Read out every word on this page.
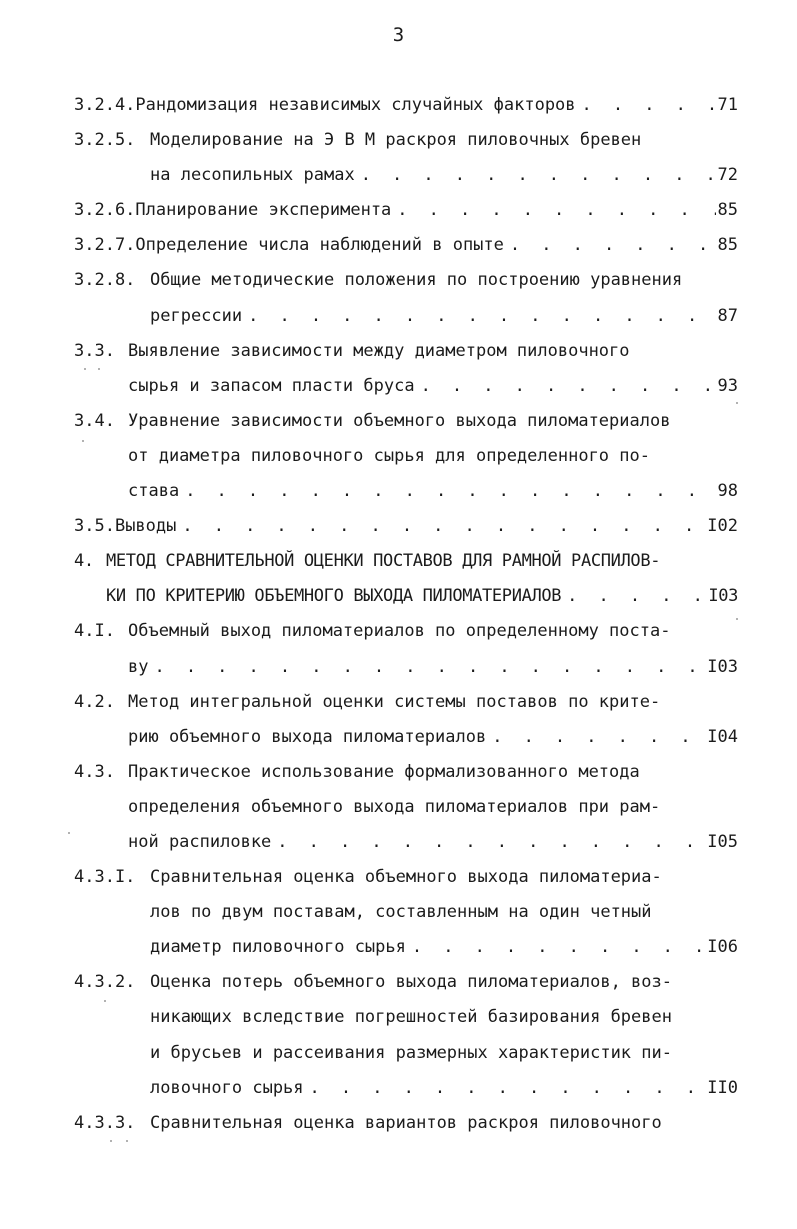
3
3.2.4. Рандомизация независимых случайных факторов . . .	71
3.2.5. Моделирование на Э В М раскроя пиловочных бревен
на лесопильных рамах . . .	72
3.2.6. Планирование эксперимента . . .	85
3.2.7. Определение числа наблюдений в опыте . . .	85
3.2.8. Общие методические положения по построению уравнения
регрессии . . .	87
3.3. Выявление зависимости между диаметром пиловочного
сырья и запасом пласти бруса . . .	93
3.4. Уравнение зависимости объемного выхода пиломатериалов
от диаметра пиловочного сырья для определенного по-
става . . .	98
3.5. Выводы . . .	I02
4. МЕТОД СРАВНИТЕЛЬНОЙ ОЦЕНКИ ПОСТАВОВ ДЛЯ РАМНОЙ РАСПИЛОВ-
КИ ПО КРИТЕРИЮ ОБЪЕМНОГО ВЫХОДА ПИЛОМАТЕРИАЛОВ . . .	I03
4.I. Объемный выход пиломатериалов по определенному поста-
ву . . .	I03
4.2. Метод интегральной оценки системы поставов по крите-
рию объемного выхода пиломатериалов . . .	I04
4.3. Практическое использование формализованного метода
определения объемного выхода пиломатериалов при рам-
ной распиловке . . .	I05
4.3.I. Сравнительная оценка объемного выхода пиломатериа-
лов по двум поставам, составленным на один четный
диаметр пиловочного сырья . . .	I06
4.3.2. Оценка потерь объемного выхода пиломатериалов, воз-
никающих вследствие погрешностей базирования бревен
и брусьев и рассеивания размерных характеристик пи-
ловочного сырья . . .	II0
4.3.3. Сравнительная оценка вариантов раскроя пиловочного
